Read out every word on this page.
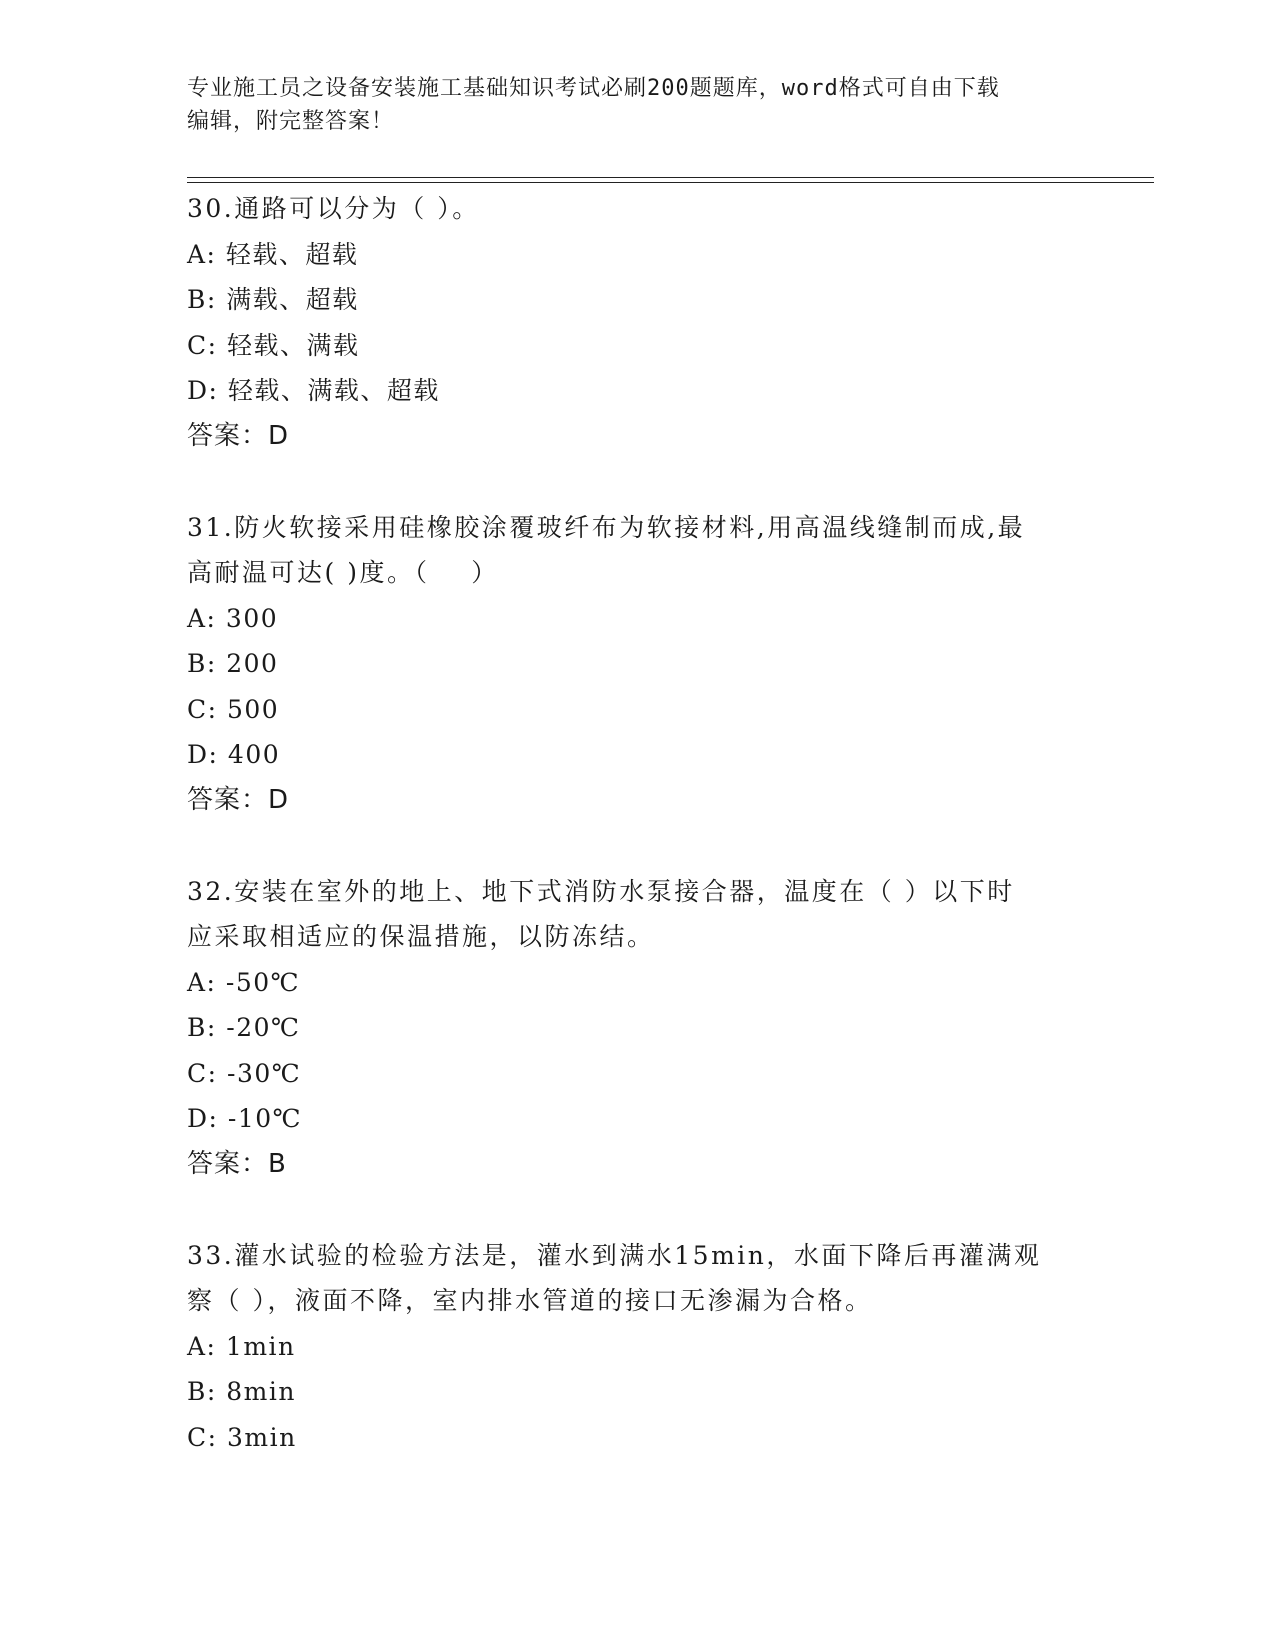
专业施工员之设备安装施工基础知识考试必刷200题题库，word格式可自由下载
编辑，附完整答案！
30.通路可以分为（ ）。
A: 轻载、超载
B: 满载、超载
C: 轻载、满载
D: 轻载、满载、超载
答案：D
31.防火软接采用硅橡胶涂覆玻纤布为软接材料,用高温线缝制而成,最
高耐温可达( )度。（    ）
A: 300
B: 200
C: 500
D: 400
答案：D
32.安装在室外的地上、地下式消防水泵接合器，温度在（ ）以下时
应采取相适应的保温措施，以防冻结。
A: -50℃
B: -20℃
C: -30℃
D: -10℃
答案：B
33.灌水试验的检验方法是，灌水到满水15min，水面下降后再灌满观
察（ ），液面不降，室内排水管道的接口无渗漏为合格。
A: 1min
B: 8min
C: 3min
